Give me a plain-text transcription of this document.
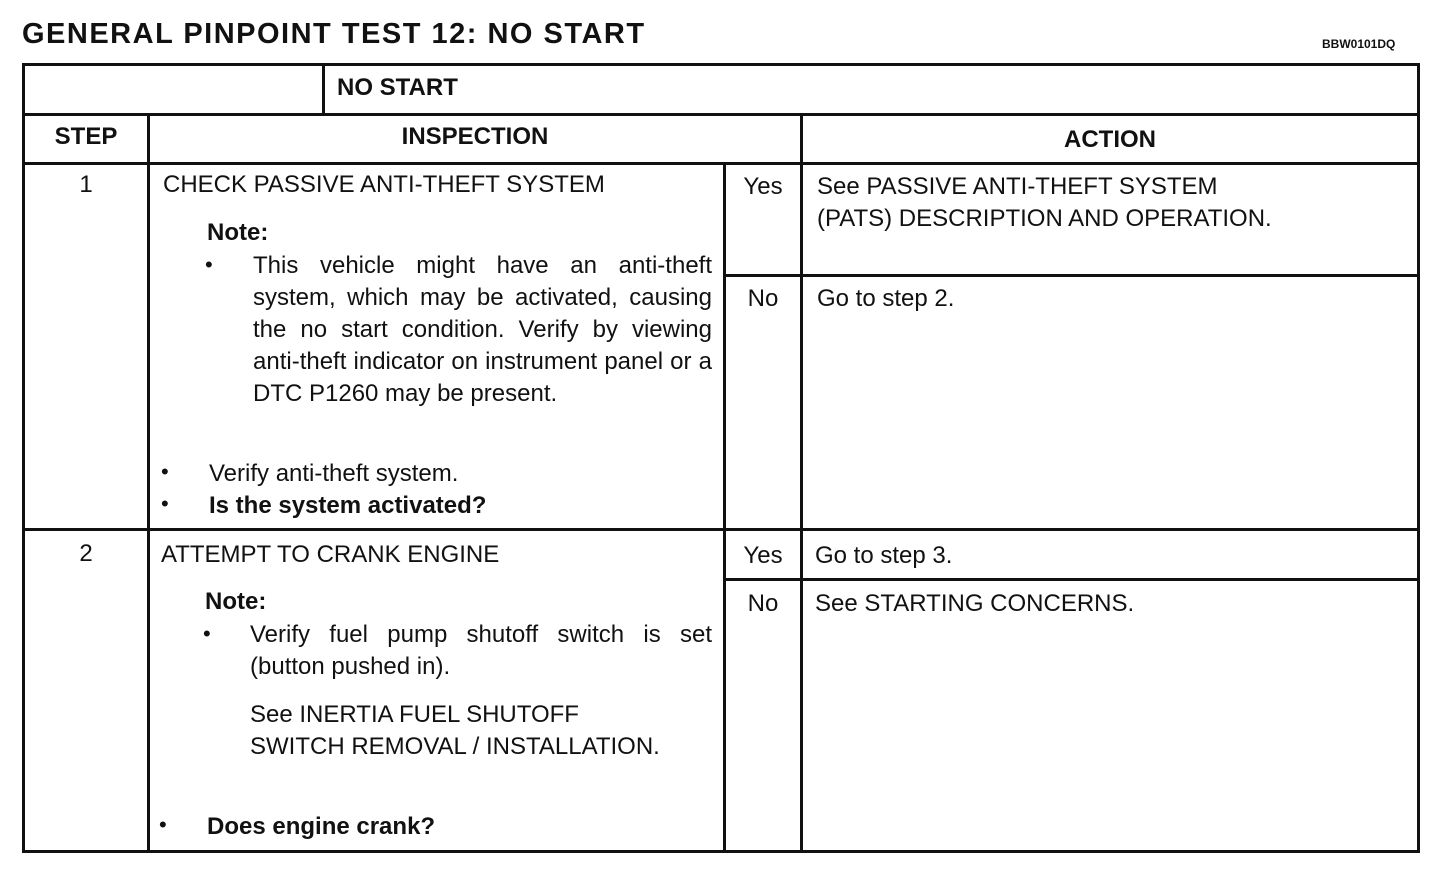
GENERAL PINPOINT TEST 12: NO START	BBW0101DQ
NO START
STEP	INSPECTION	ACTION
1	CHECK PASSIVE ANTI-THEFT SYSTEM
Note:
• This vehicle might have an anti-theft system, which may be activated, causing the no start condition. Verify by viewing anti-theft indicator on instrument panel or a DTC P1260 may be present.
• Verify anti-theft system.
• Is the system activated?
Yes	See PASSIVE ANTI-THEFT SYSTEM
(PATS) DESCRIPTION AND OPERATION.
No	Go to step 2.
2	ATTEMPT TO CRANK ENGINE
Note:
• Verify fuel pump shutoff switch is set (button pushed in).
See INERTIA FUEL SHUTOFF
SWITCH REMOVAL / INSTALLATION.
• Does engine crank?
Yes	Go to step 3.
No	See STARTING CONCERNS.
